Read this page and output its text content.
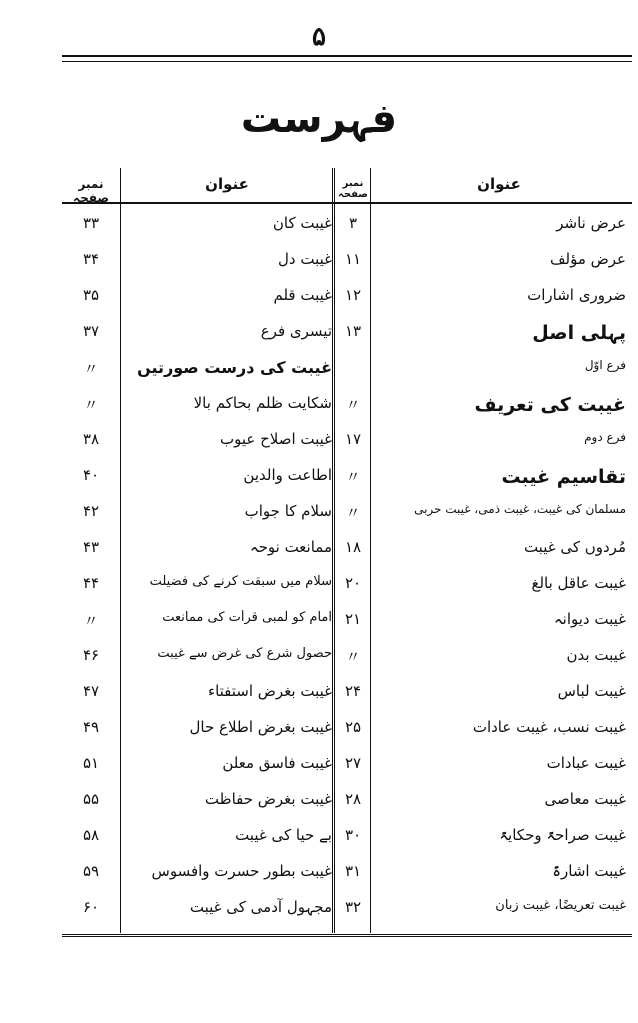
۵
فہرست
عنوان
نمبر صفحہ
عنوان
نمبر صفحہ
عرض ناشر
۳
غیبت کان
۳۳
عرض مؤلف
۱۱
غیبت دل
۳۴
ضروری اشارات
۱۲
غیبت قلم
۳۵
پہلی اصل
۱۳
تیسری فرع
۳۷
فرع اوّل
غیبت کی درست صورتیں
〃
غیبت کی تعریف
〃
شکایت ظلم بحاکم بالا
〃
فرع دوم
۱۷
غیبت اصلاح عیوب
۳۸
تقاسیم غیبت
〃
اطاعت والدین
۴۰
مسلمان کی غیبت، غیبت ذمی، غیبت حربی
〃
سلام کا جواب
۴۲
مُردوں کی غیبت
۱۸
ممانعت نوحہ
۴۳
غیبت عاقل بالغ
۲۰
سلام میں سبقت کرنے کی فضیلت
۴۴
غیبت دیوانہ
۲۱
امام کو لمبی قرأت کی ممانعت
〃
غیبت بدن
〃
حصول شرع کی غرض سے غیبت
۴۶
غیبت لباس
۲۴
غیبت بغرض استفتاء
۴۷
غیبت نسب، غیبت عادات
۲۵
غیبت بغرض اطلاع حال
۴۹
غیبت عبادات
۲۷
غیبت فاسق معلن
۵۱
غیبت معاصی
۲۸
غیبت بغرض حفاظت
۵۵
غیبت صراحۃً وحکایۃً
۳۰
بے حیا کی غیبت
۵۸
غیبت اشارۃً
۳۱
غیبت بطور حسرت وافسوس
۵۹
غیبت تعریضًا، غیبت زبان
۳۲
مجہول آدمی کی غیبت
۶۰
